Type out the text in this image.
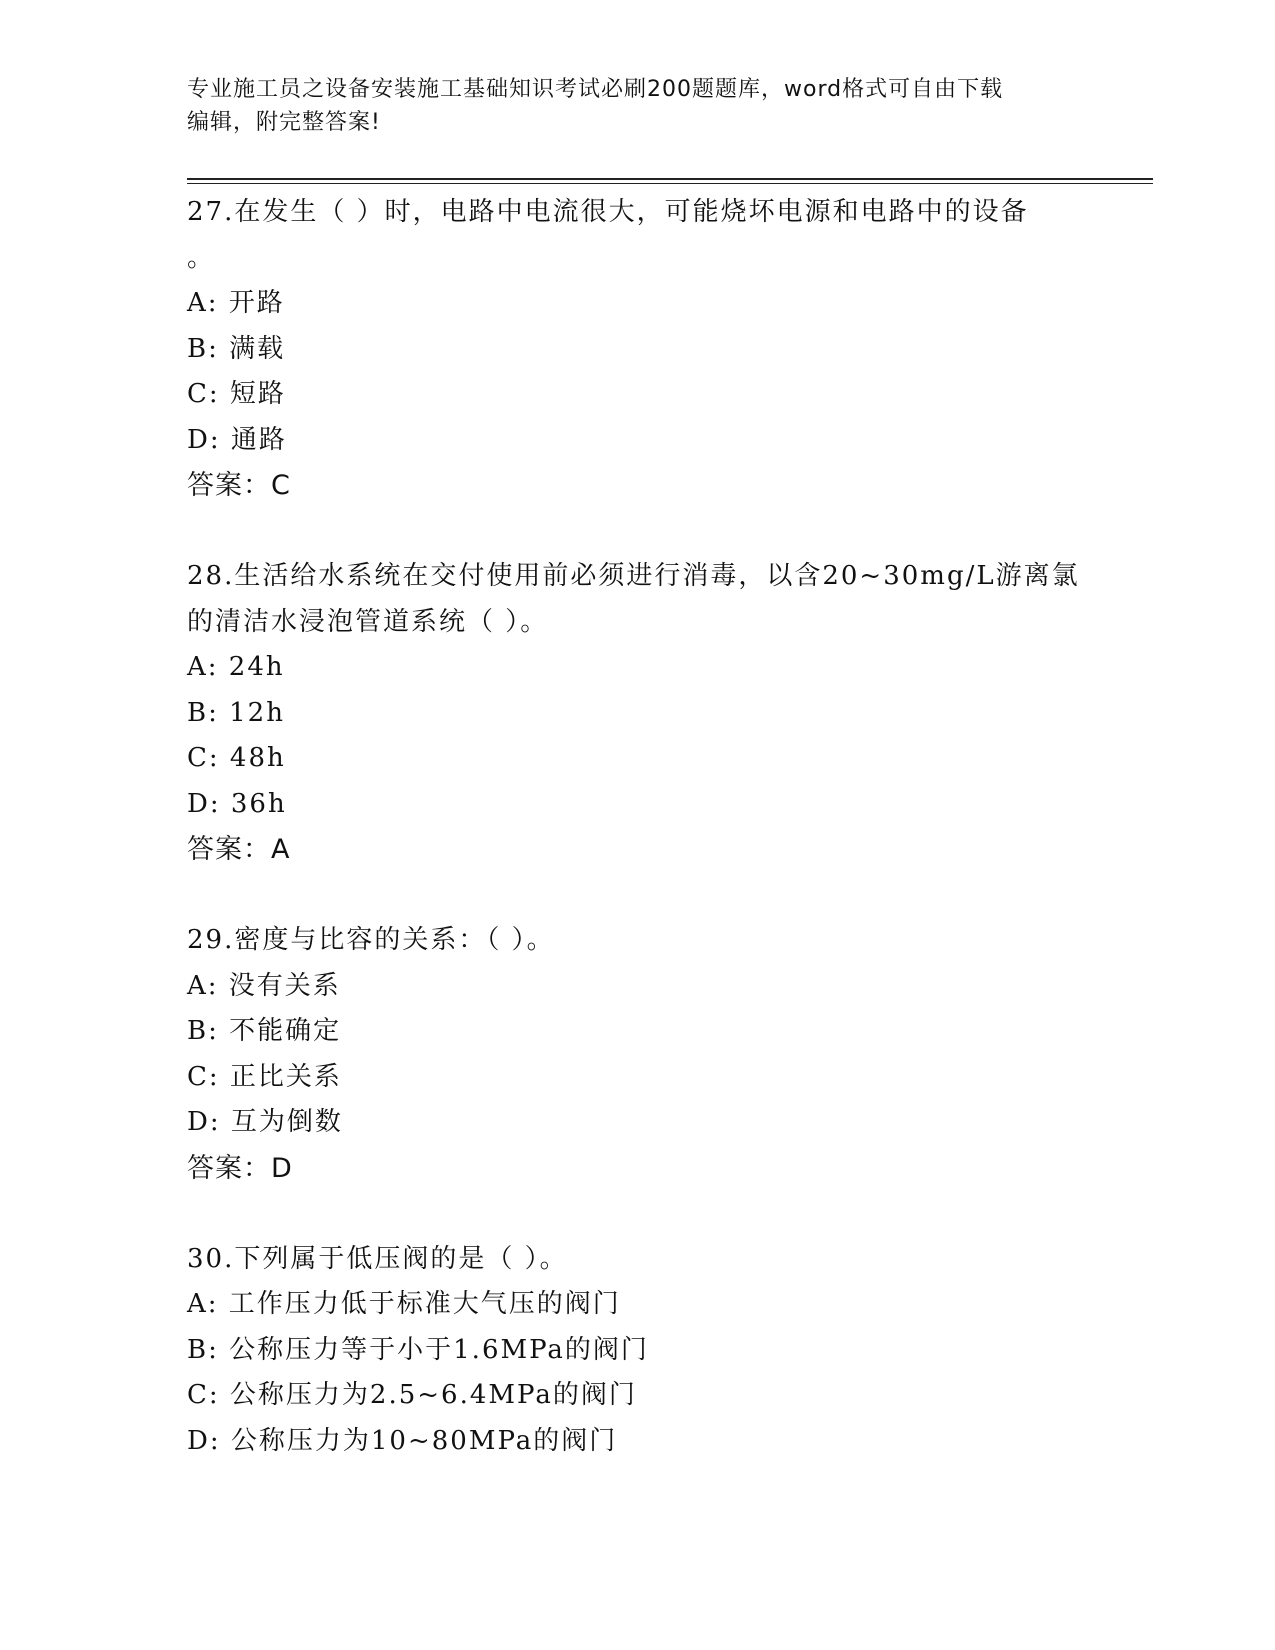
专业施工员之设备安装施工基础知识考试必刷200题题库，word格式可自由下载
编辑，附完整答案!
27.在发生（ ）时，电路中电流很大，可能烧坏电源和电路中的设备
。
A: 开路
B: 满载
C: 短路
D: 通路
答案：C
28.生活给水系统在交付使用前必须进行消毒，以含20~30mg/L游离氯
的清洁水浸泡管道系统（ ）。
A: 24h
B: 12h
C: 48h
D: 36h
答案：A
29.密度与比容的关系：（ ）。
A: 没有关系
B: 不能确定
C: 正比关系
D: 互为倒数
答案：D
30.下列属于低压阀的是（ ）。
A: 工作压力低于标准大气压的阀门
B: 公称压力等于小于1.6MPa的阀门
C: 公称压力为2.5~6.4MPa的阀门
D: 公称压力为10~80MPa的阀门
